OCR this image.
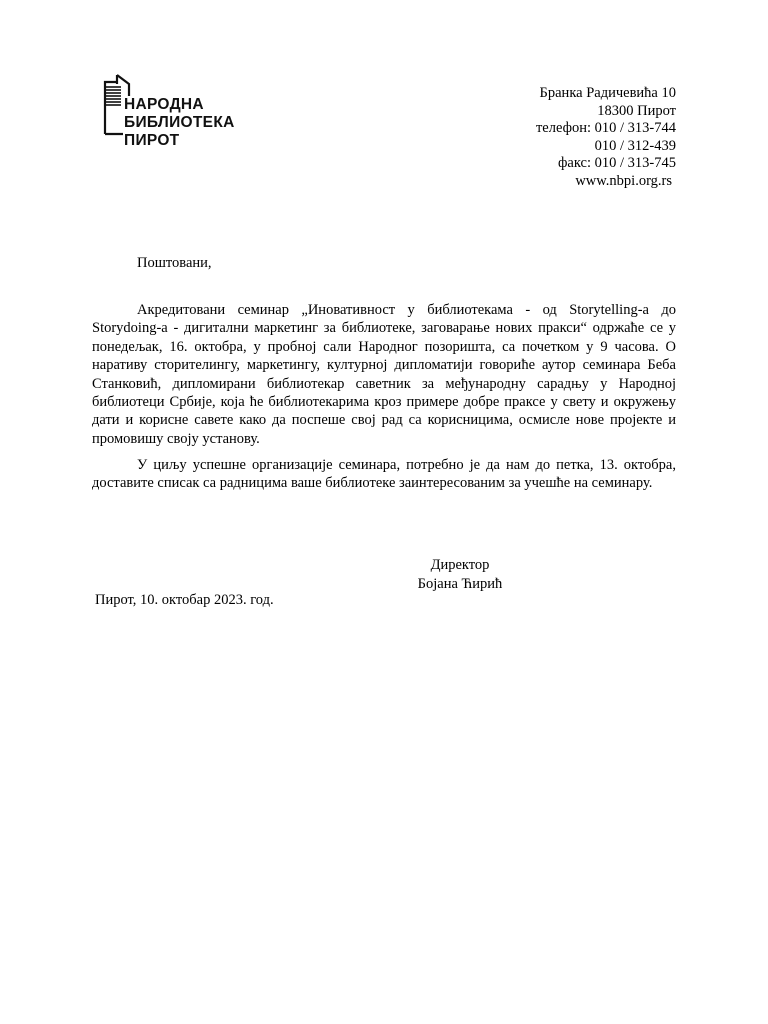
НАРОДНА
БИБЛИОТЕКА
ПИРОТ
Бранка Радичевића 10
18300 Пирот
телефон: 010 / 313-744
010 / 312-439
факс: 010 / 313-745
www.nbpi.org.rs
Поштовани,
Акредитовани семинар „Иновативност у библиотекама - од Storytelling-а до Storydoing-а - дигитални маркетинг за библиотеке, заговарање нових пракси“ одржаће се у понедељак, 16. октобра, у пробној сали Народног позоришта, са почетком у 9 часова. О наративу сторителингу, маркетингу, културној дипломатији говориће аутор семинара Беба Станковић, дипломирани библиотекар саветник за међународну сарадњу у Народној библиотеци Србије, која ће библиотекарима кроз примере добре праксе у свету и окружењу дати и корисне савете како да поспеше свој рад са корисницима, осмисле нове пројекте и промовишу своју установу.
У циљу успешне организације семинара, потребно је да нам до петка, 13. октобра, доставите списак са радницима ваше библиотеке заинтересованим за учешће на семинару.
Директор
Бојана Ћирић
Пирот, 10. октобар 2023. год.
